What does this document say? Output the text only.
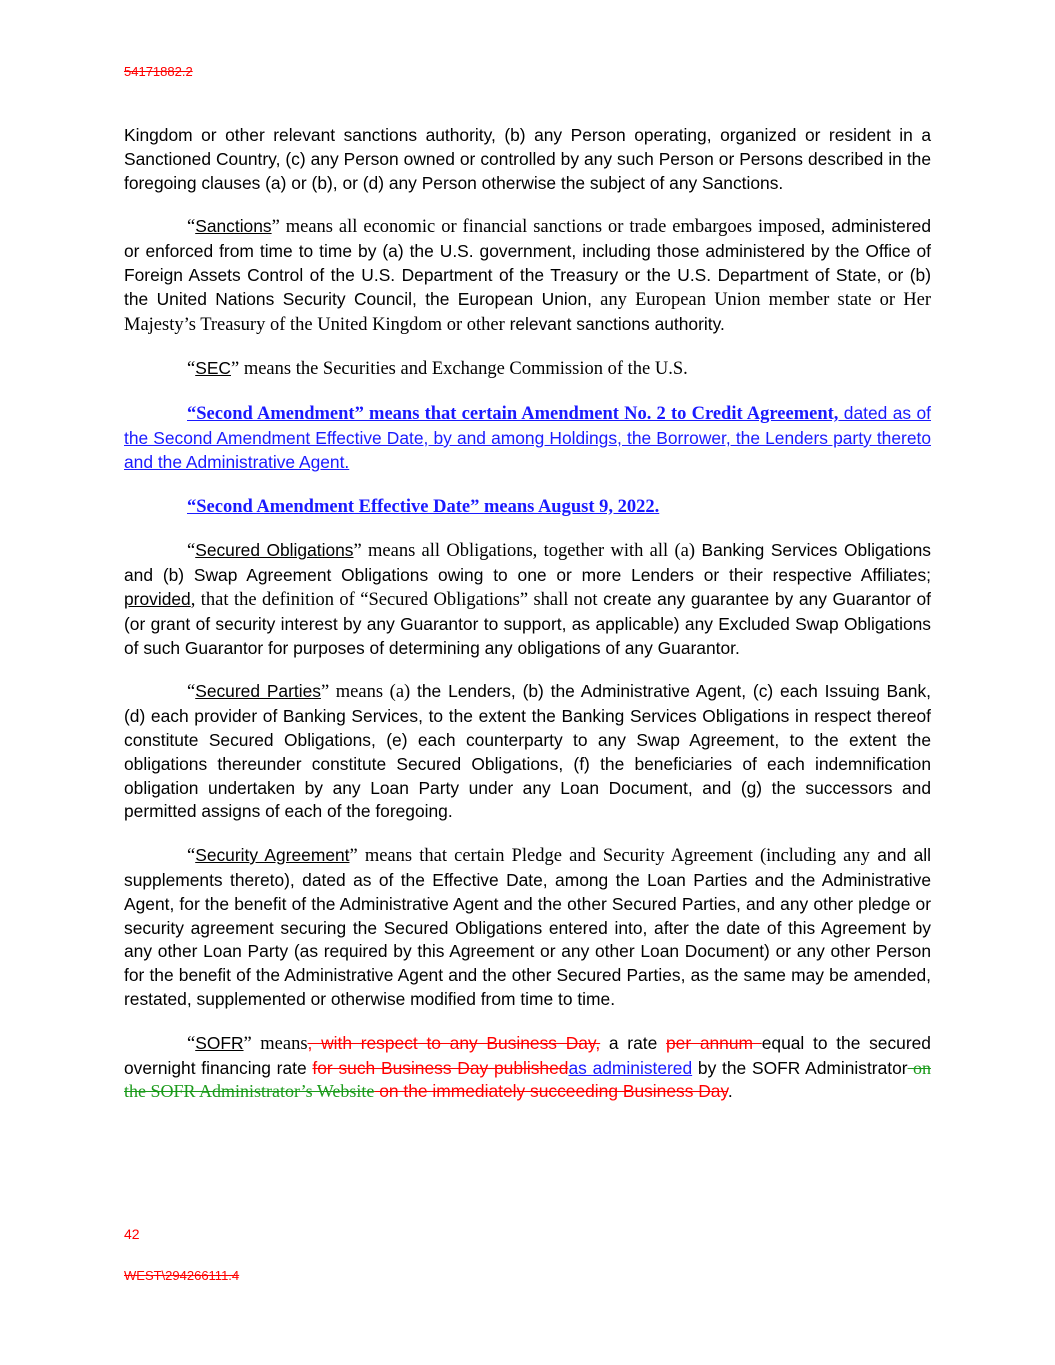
54171882.2

Kingdom or other relevant sanctions authority, (b) any Person operating, organized or resident in a Sanctioned Country, (c) any Person owned or controlled by any such Person or Persons described in the foregoing clauses (a) or (b), or (d) any Person otherwise the subject of any Sanctions.

“Sanctions” means all economic or financial sanctions or trade embargoes imposed, administered or enforced from time to time by (a) the U.S. government, including those administered by the Office of Foreign Assets Control of the U.S. Department of the Treasury or the U.S. Department of State, or (b) the United Nations Security Council, the European Union, any European Union member state or Her Majesty’s Treasury of the United Kingdom or other relevant sanctions authority.

“SEC” means the Securities and Exchange Commission of the U.S.

“Second Amendment” means that certain Amendment No. 2 to Credit Agreement, dated as of the Second Amendment Effective Date, by and among Holdings, the Borrower, the Lenders party thereto and the Administrative Agent.

“Second Amendment Effective Date” means August 9, 2022.

“Secured Obligations” means all Obligations, together with all (a) Banking Services Obligations and (b) Swap Agreement Obligations owing to one or more Lenders or their respective Affiliates; provided, that the definition of “Secured Obligations” shall not create any guarantee by any Guarantor of (or grant of security interest by any Guarantor to support, as applicable) any Excluded Swap Obligations of such Guarantor for purposes of determining any obligations of any Guarantor.

“Secured Parties” means (a) the Lenders, (b) the Administrative Agent, (c) each Issuing Bank, (d) each provider of Banking Services, to the extent the Banking Services Obligations in respect thereof constitute Secured Obligations, (e) each counterparty to any Swap Agreement, to the extent the obligations thereunder constitute Secured Obligations, (f) the beneficiaries of each indemnification obligation undertaken by any Loan Party under any Loan Document, and (g) the successors and permitted assigns of each of the foregoing.

“Security Agreement” means that certain Pledge and Security Agreement (including any and all supplements thereto), dated as of the Effective Date, among the Loan Parties and the Administrative Agent, for the benefit of the Administrative Agent and the other Secured Parties, and any other pledge or security agreement securing the Secured Obligations entered into, after the date of this Agreement by any other Loan Party (as required by this Agreement or any other Loan Document) or any other Person for the benefit of the Administrative Agent and the other Secured Parties, as the same may be amended, restated, supplemented or otherwise modified from time to time.

“SOFR” means, with respect to any Business Day, a rate per annum equal to the secured overnight financing rate for such Business Day publishedas administered by the SOFR Administrator on the SOFR Administrator’s Website on the immediately succeeding Business Day.

42
WEST\294266111.4
